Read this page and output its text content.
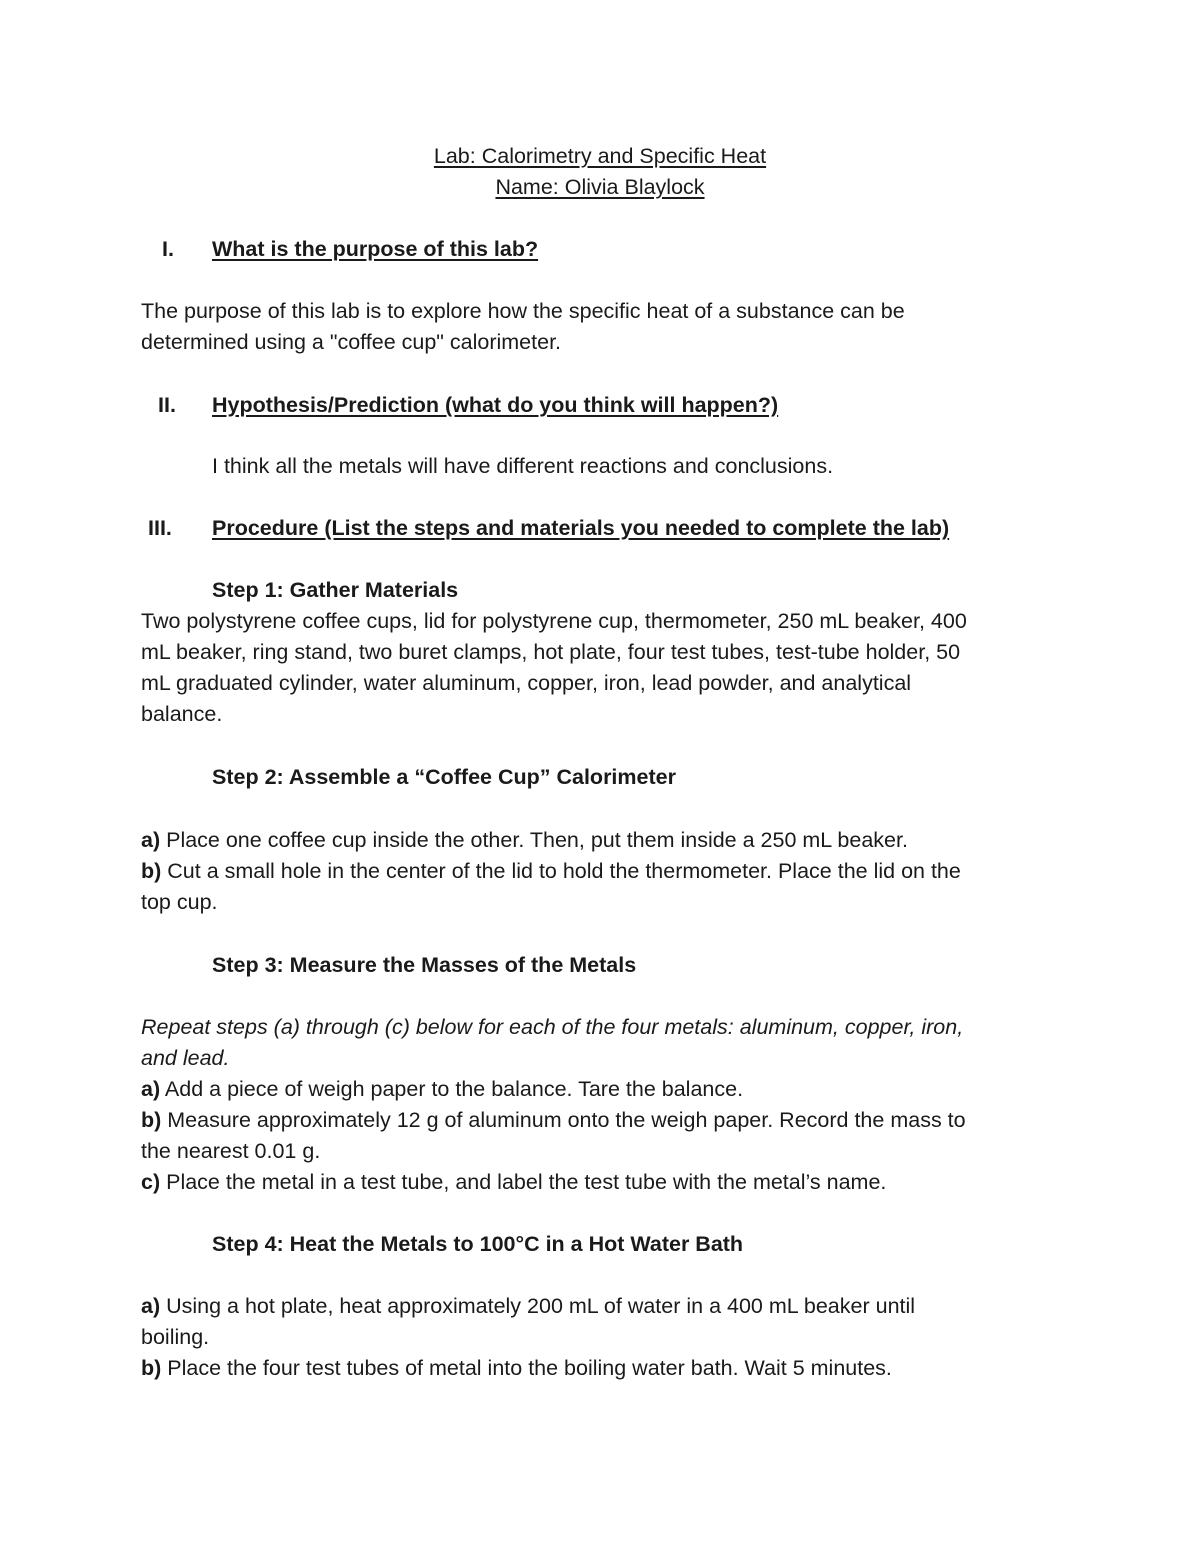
Lab: Calorimetry and Specific Heat

Name: Olivia Blaylock

I. What is the purpose of this lab?

The purpose of this lab is to explore how the specific heat of a substance can be

determined using a "coffee cup" calorimeter.

II. Hypothesis/Prediction (what do you think will happen?)

I think all the metals will have different reactions and conclusions.

III. Procedure (List the steps and materials you needed to complete the lab)

Step 1: Gather Materials

Two polystyrene coffee cups, lid for polystyrene cup, thermometer, 250 mL beaker, 400

mL beaker, ring stand, two buret clamps, hot plate, four test tubes, test-tube holder, 50

mL graduated cylinder, water aluminum, copper, iron, lead powder, and analytical

balance.

Step 2: Assemble a “Coffee Cup” Calorimeter

a) Place one coffee cup inside the other. Then, put them inside a 250 mL beaker.

b) Cut a small hole in the center of the lid to hold the thermometer. Place the lid on the

top cup.

Step 3: Measure the Masses of the Metals

Repeat steps (a) through (c) below for each of the four metals: aluminum, copper, iron,

and lead.

a) Add a piece of weigh paper to the balance. Tare the balance.

b) Measure approximately 12 g of aluminum onto the weigh paper. Record the mass to

the nearest 0.01 g.

c) Place the metal in a test tube, and label the test tube with the metal’s name.

Step 4: Heat the Metals to 100°C in a Hot Water Bath

a) Using a hot plate, heat approximately 200 mL of water in a 400 mL beaker until

boiling.

b) Place the four test tubes of metal into the boiling water bath. Wait 5 minutes.
